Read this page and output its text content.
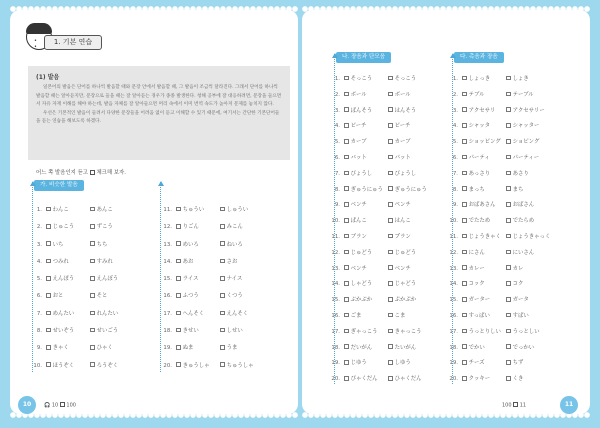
• •
1. 기본 연습
(1) 발음

일본어의 발음은 단어를 하나씩 발음할 때와 문장 안에서 발음할 때, 그 발음이 조금씩 달라진다. 그래서 단어를 하나씩 발음할 때는 알아듣지만, 문장으로 들을 때는 잘 알아듣는 경우가 종종 발생한다. 청해 공부에 잘 대응하려면, 문장을 들으면서 자유 자재 이해를 해야 하는데, 발음 자체를 잘 알아들으면 머리 속에서 이미 번역 속도가 높아져 문제를 놓치지 않다.

우선은 기본적인 발음이 들려서 다양한 문장들을 어려움 없이 듣고 이해할 수 있기 때문에, 여기서는 간단한 기본단어들을 듣는 연습을 해보도록 하겠다.

어느 쪽 발음인지 듣고 체크해 보자.
가. 비슷한 발음
1. わんこ	あんこ
2. じゅこう	ずこう
3. いち	ちち
4. つみれ	すみれ
5. えんぽう	えんぼう
6. おと	そと
7. めんたい	れんたい
8. せいぞう	せいごう
9. きゃく	ひゃく
10. ほうぞく	ろうぞく
11. ちゅうい	しゅうい
12. りごん	みこん
13. めいろ	ねいろ
14. あお	さお
15. ライス	ナイス
16. ふつう	くつう
17. へんそく	えんそく
18. きせい	しせい
19. ぬま	うま
20. きゅうしゃ	ちゅうしゃ
10	🎧 10 100
나. 장음과 단모음	다. 촉음과 장음
1. そっこう	そっこう
2. ボール	ボール
3. ばんそう	はんそう
4. ビーチ	ピーチ
5. カーブ	カーブ
6. バット	パット
7. びょうし	びょうし
8. ぎゅうにゅう ぎゅうにゅう
9. ベンチ	ペンチ
10. ぱんこ	はんこ
11. ブラン	プラン
12. じゅどう	じゅどう
13. ベンチ	ベンチ
14. しゃどう	じゃどう
15. ぶかぶか	ぷかぷか
16. ごま	こま
17. ぎゃっこう	きゃっこう
18. だいがん	たいがん
19. じゆう	しゆう
20. ぴゃくだん	ひゃくだん
1. しょっき	しょき
2. テブル	テーブル
3. アクセサリ	アクセサリー
4. シャッタ	シャッター
5. ショッピング ショピング
6. パーティ	パーティー
7. あっさり	あさり
8. まっち	まち
9. おばあさん	おばさん
10. でたため	でたらめ
11. じょうきゃく じょうきゃっく
12. にさん	にいさん
13. カレー	カレ
14. コック	コク
15. ガーター	ガータ
16. すっぱい	すぱい
17. うっとりしい うっとしい
18. でかい	でっかい
19. チーズ	ちず
20. クッキー	くき
100 11	11
